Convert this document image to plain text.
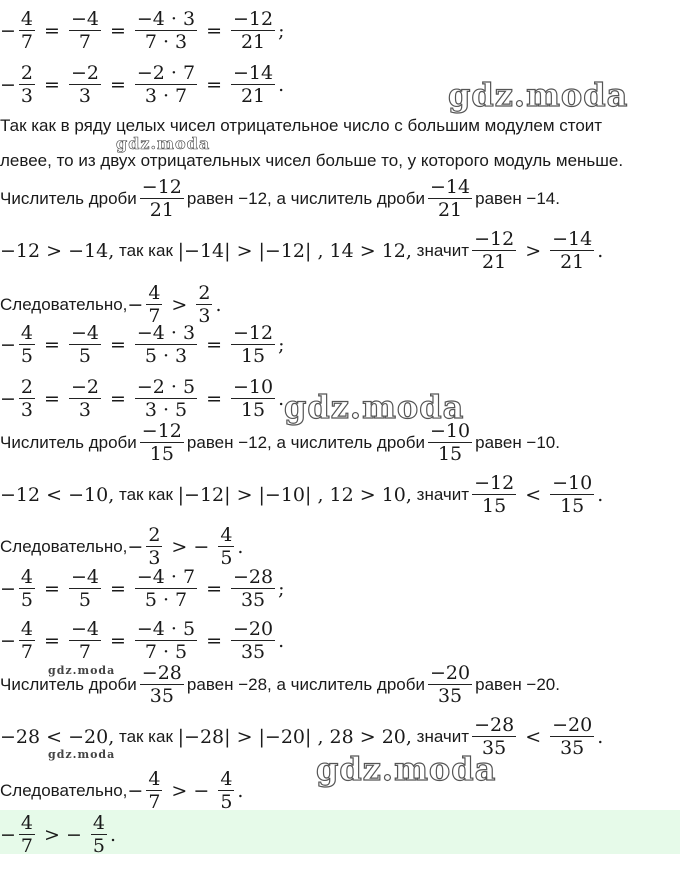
gdz.moda
gdz.moda
gdz.moda
gdz.moda
gdz.moda	gdz.moda
− $\frac{4}{7} = \frac{-4}{7} = \frac{-4 \cdot 3}{7 \cdot 3} = \frac{-12}{21}$ ;
− $\frac{2}{3} = \frac{-2}{3} = \frac{-2 \cdot 7}{3 \cdot 7} = \frac{-14}{21}$ .
Так как в ряду целых чисел отрицательное число с большим модулем стоит
левее, то из двух отрицательных чисел больше то, у которого модуль меньше.
Числитель дроби $\frac{-12}{21}$ равен −12, а числитель дроби $\frac{-14}{21}$ равен −14.
−12 > −14,
так как
|−14| > |−12| , 14 > 12,
значит $\frac{-12}{21} > \frac{-14}{21}$ .
Следовательно, − $\frac{4}{7} > \frac{2}{3}$ .
− $\frac{4}{5} = \frac{-4}{5} = \frac{-4 \cdot 3}{5 \cdot 3} = \frac{-12}{15}$ ;
− $\frac{2}{3} = \frac{-2}{3} = \frac{-2 \cdot 5}{3 \cdot 5} = \frac{-10}{15}$ .
Числитель дроби $\frac{-12}{15}$ равен −12, а числитель дроби $\frac{-10}{15}$ равен −10.
−12 < −10,
так как
|−12| > |−10| , 12 > 10,
значит $\frac{-12}{15} < \frac{-10}{15}$ .
Следовательно, − $\frac{2}{3}$ > − $\frac{4}{5}$ .
− $\frac{4}{5} = \frac{-4}{5} = \frac{-4 \cdot 7}{5 \cdot 7} = \frac{-28}{35}$ ;
− $\frac{4}{7} = \frac{-4}{7} = \frac{-4 \cdot 5}{7 \cdot 5} = \frac{-20}{35}$ .
Числитель дроби $\frac{-28}{35}$ равен −28, а числитель дроби $\frac{-20}{35}$ равен −20.
−28 < −20,
так как
|−28| > |−20| , 28 > 20,
значит $\frac{-28}{35} < \frac{-20}{35}$ .
Следовательно, − $\frac{4}{7}$ > − $\frac{4}{5}$ .
− $\frac{4}{7}$ > − $\frac{4}{5}$ .
